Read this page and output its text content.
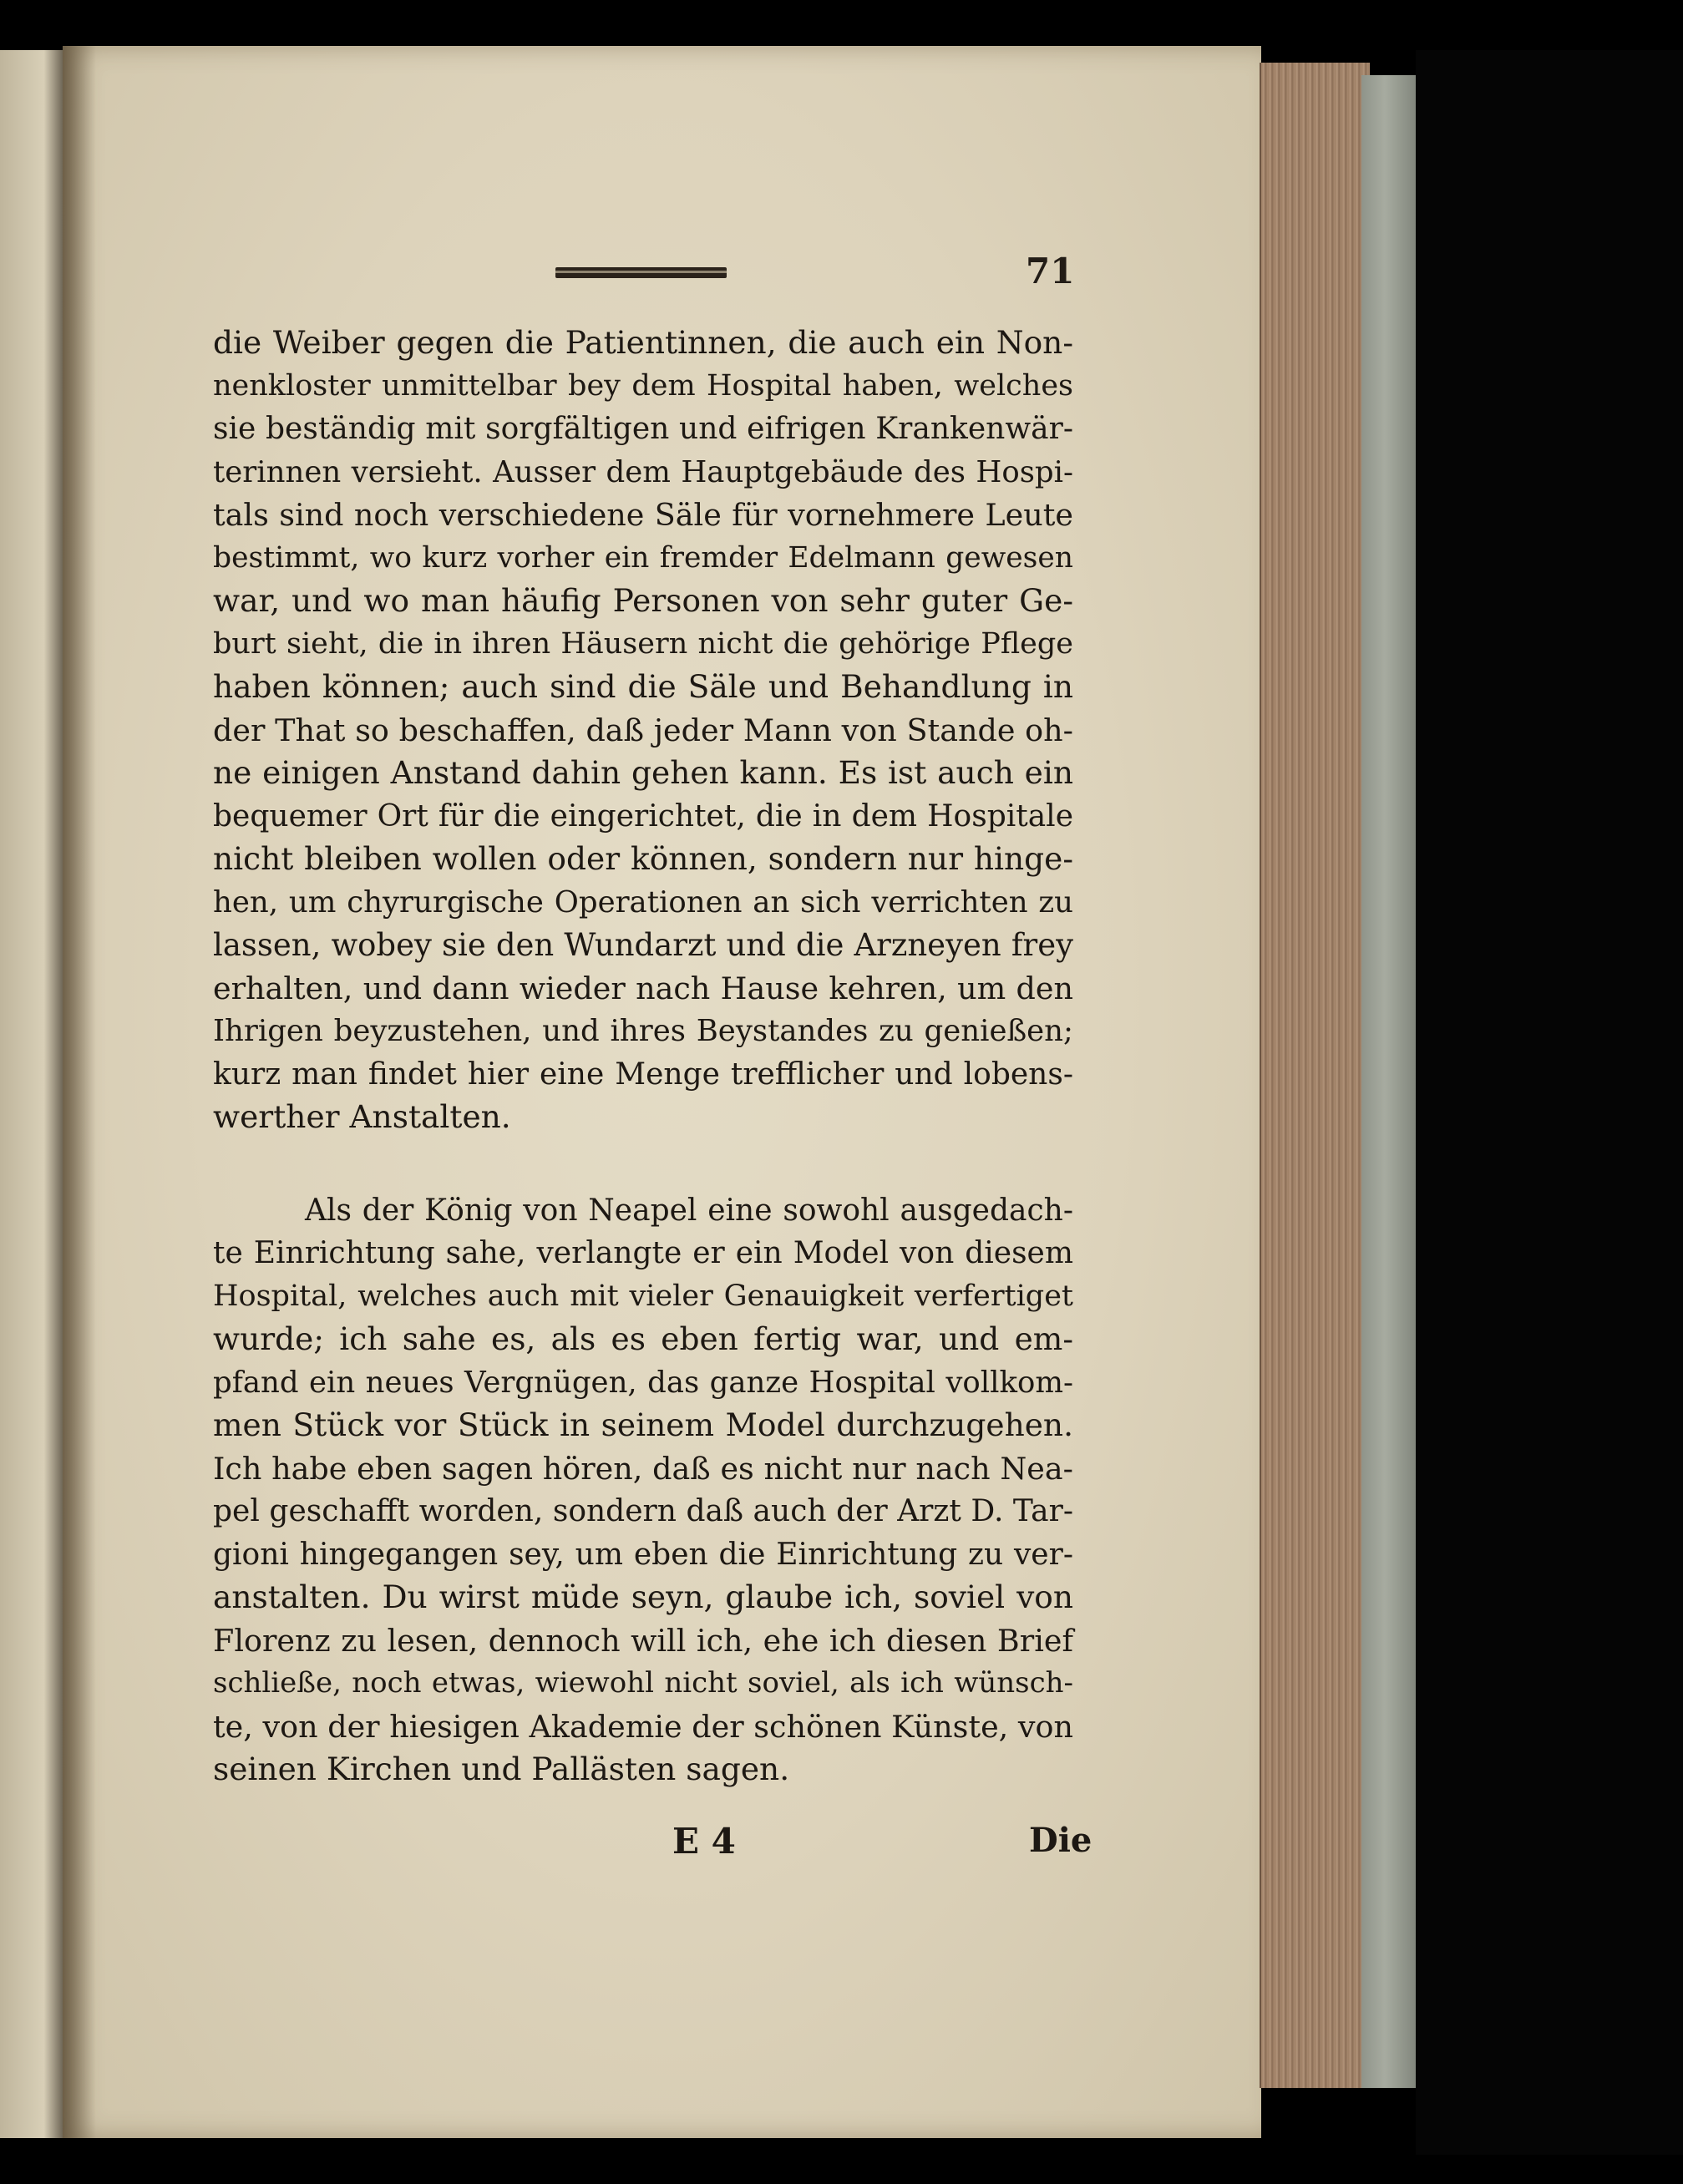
71
die Weiber gegen die Patientinnen, die auch ein Non-
nenkloster unmittelbar bey dem Hospital haben, welches
sie beständig mit sorgfältigen und eifrigen Krankenwär-
terinnen versieht. Ausser dem Hauptgebäude des Hospi-
tals sind noch verschiedene Säle für vornehmere Leute
bestimmt, wo kurz vorher ein fremder Edelmann gewesen
war, und wo man häufig Personen von sehr guter Ge-
burt sieht, die in ihren Häusern nicht die gehörige Pflege
haben können; auch sind die Säle und Behandlung in
der That so beschaffen, daß jeder Mann von Stande oh-
ne einigen Anstand dahin gehen kann. Es ist auch ein
bequemer Ort für die eingerichtet, die in dem Hospitale
nicht bleiben wollen oder können, sondern nur hinge-
hen, um chyrurgische Operationen an sich verrichten zu
lassen, wobey sie den Wundarzt und die Arzneyen frey
erhalten, und dann wieder nach Hause kehren, um den
Ihrigen beyzustehen, und ihres Beystandes zu genießen;
kurz man findet hier eine Menge trefflicher und lobens-
werther Anstalten.
Als der König von Neapel eine sowohl ausgedach-
te Einrichtung sahe, verlangte er ein Model von diesem
Hospital, welches auch mit vieler Genauigkeit verfertiget
wurde; ich sahe es, als es eben fertig war, und em-
pfand ein neues Vergnügen, das ganze Hospital vollkom-
men Stück vor Stück in seinem Model durchzugehen.
Ich habe eben sagen hören, daß es nicht nur nach Nea-
pel geschafft worden, sondern daß auch der Arzt D. Tar-
gioni hingegangen sey, um eben die Einrichtung zu ver-
anstalten. Du wirst müde seyn, glaube ich, soviel von
Florenz zu lesen, dennoch will ich, ehe ich diesen Brief
schließe, noch etwas, wiewohl nicht soviel, als ich wünsch-
te, von der hiesigen Akademie der schönen Künste, von
seinen Kirchen und Pallästen sagen.
E 4	Die
